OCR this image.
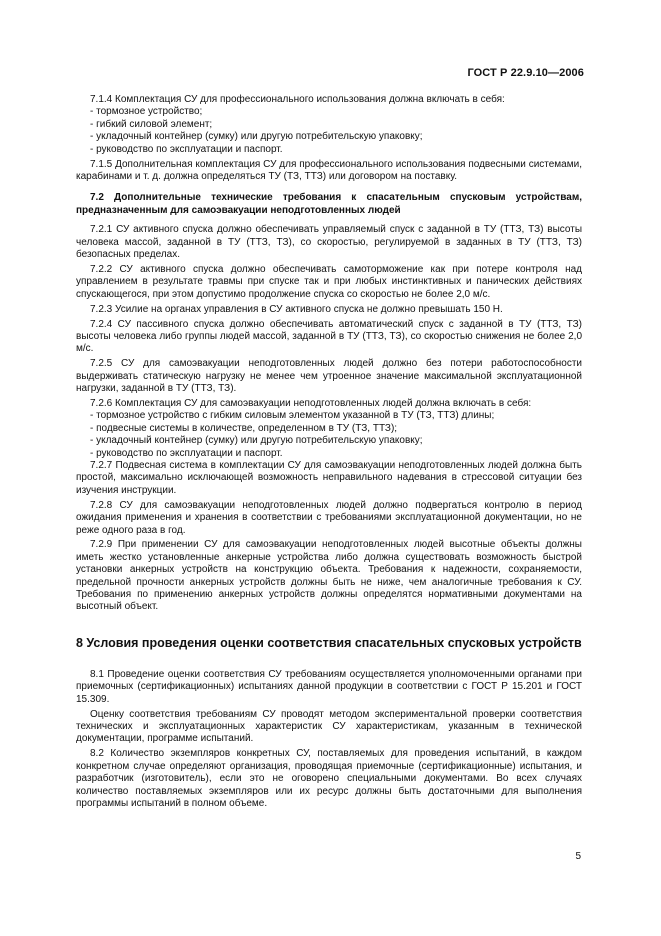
ГОСТ Р 22.9.10—2006

7.1.4 Комплектация СУ для профессионального использования должна включать в себя:

- тормозное устройство;

- гибкий силовой элемент;

- укладочный контейнер (сумку) или другую потребительскую упаковку;

- руководство по эксплуатации и паспорт.

7.1.5 Дополнительная комплектация СУ для профессионального использования подвесными системами, карабинами и т. д. должна определяться ТУ (ТЗ, ТТЗ) или договором на поставку.

7.2 Дополнительные технические требования к спасательным спусковым устройствам, предназначенным для самоэвакуации неподготовленных людей

7.2.1 СУ активного спуска должно обеспечивать управляемый спуск с заданной в ТУ (ТТЗ, ТЗ) высоты человека массой, заданной в ТУ (ТТЗ, ТЗ), со скоростью, регулируемой в заданных в ТУ (ТТЗ, ТЗ) безопасных пределах.

7.2.2 СУ активного спуска должно обеспечивать самоторможение как при потере контроля над управлением в результате травмы при спуске так и при любых инстинктивных и панических действиях спускающегося, при этом допустимо продолжение спуска со скоростью не более 2,0 м/с.

7.2.3 Усилие на органах управления в СУ активного спуска не должно превышать 150 Н.

7.2.4 СУ пассивного спуска должно обеспечивать автоматический спуск с заданной в ТУ (ТТЗ, ТЗ) высоты человека либо группы людей массой, заданной в ТУ (ТТЗ, ТЗ), со скоростью снижения не более 2,0 м/с.

7.2.5 СУ для самоэвакуации неподготовленных людей должно без потери работоспособности выдерживать статическую нагрузку не менее чем утроенное значение максимальной эксплуатационной нагрузки, заданной в ТУ (ТТЗ, ТЗ).

7.2.6 Комплектация СУ для самоэвакуации неподготовленных людей должна включать в себя:

- тормозное устройство с гибким силовым элементом указанной в ТУ (ТЗ, ТТЗ) длины;

- подвесные системы в количестве, определенном в ТУ (ТЗ, ТТЗ);

- укладочный контейнер (сумку) или другую потребительскую упаковку;

- руководство по эксплуатации и паспорт.

7.2.7 Подвесная система в комплектации СУ для самоэвакуации неподготовленных людей должна быть простой, максимально исключающей возможность неправильного надевания в стрессовой ситуации без изучения инструкции.

7.2.8 СУ для самоэвакуации неподготовленных людей должно подвергаться контролю в период ожидания применения и хранения в соответствии с требованиями эксплуатационной документации, но не реже одного раза в год.

7.2.9 При применении СУ для самоэвакуации неподготовленных людей высотные объекты должны иметь жестко установленные анкерные устройства либо должна существовать возможность быстрой установки анкерных устройств на конструкцию объекта. Требования к надежности, сохраняемости, предельной прочности анкерных устройств должны быть не ниже, чем аналогичные требования к СУ. Требования по применению анкерных устройств должны определятся нормативными документами на высотный объект.

8 Условия проведения оценки соответствия спасательных спусковых устройств

8.1 Проведение оценки соответствия СУ требованиям осуществляется уполномоченными органами при приемочных (сертификационных) испытаниях данной продукции в соответствии с ГОСТ Р 15.201 и ГОСТ 15.309.

Оценку соответствия требованиям СУ проводят методом экспериментальной проверки соответствия технических и эксплуатационных характеристик СУ характеристикам, указанным в технической документации, программе испытаний.

8.2 Количество экземпляров конкретных СУ, поставляемых для проведения испытаний, в каждом конкретном случае определяют организация, проводящая приемочные (сертификационные) испытания, и разработчик (изготовитель), если это не оговорено специальными документами. Во всех случаях количество поставляемых экземпляров или их ресурс должны быть достаточными для выполнения программы испытаний в полном объеме.

5
